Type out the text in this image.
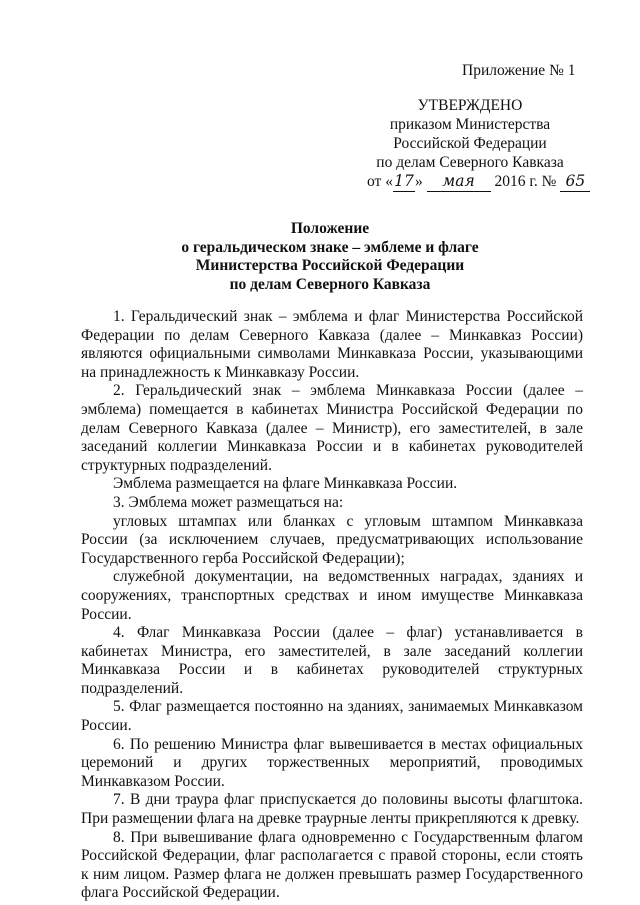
Приложение № 1
УТВЕРЖДЕНО
приказом Министерства
Российской Федерации
по делам Северного Кавказа
от «17» мая 2016 г. № 65
Положение
о геральдическом знаке – эмблеме и флаге
Министерства Российской Федерации
по делам Северного Кавказа

1. Геральдический знак – эмблема и флаг Министерства Российской Федерации по делам Северного Кавказа (далее – Минкавказ России) являются официальными символами Минкавказа России, указывающими на принадлежность к Минкавказу России.

2. Геральдический знак – эмблема Минкавказа России (далее – эмблема) помещается в кабинетах Министра Российской Федерации по делам Северного Кавказа (далее – Министр), его заместителей, в зале заседаний коллегии Минкавказа России и в кабинетах руководителей структурных подразделений.

Эмблема размещается на флаге Минкавказа России.

3. Эмблема может размещаться на:

угловых штампах или бланках с угловым штампом Минкавказа России (за исключением случаев, предусматривающих использование Государственного герба Российской Федерации);

служебной документации, на ведомственных наградах, зданиях и сооружениях, транспортных средствах и ином имуществе Минкавказа России.

4. Флаг Минкавказа России (далее – флаг) устанавливается в кабинетах Министра, его заместителей, в зале заседаний коллегии Минкавказа России и в кабинетах руководителей структурных подразделений.

5. Флаг размещается постоянно на зданиях, занимаемых Минкавказом России.

6. По решению Министра флаг вывешивается в местах официальных церемоний и других торжественных мероприятий, проводимых Минкавказом России.

7. В дни траура флаг приспускается до половины высоты флагштока. При размещении флага на древке траурные ленты прикрепляются к древку.

8. При вывешивание флага одновременно с Государственным флагом Российской Федерации, флаг располагается с правой стороны, если стоять к ним лицом. Размер флага не должен превышать размер Государственного флага Российской Федерации.
